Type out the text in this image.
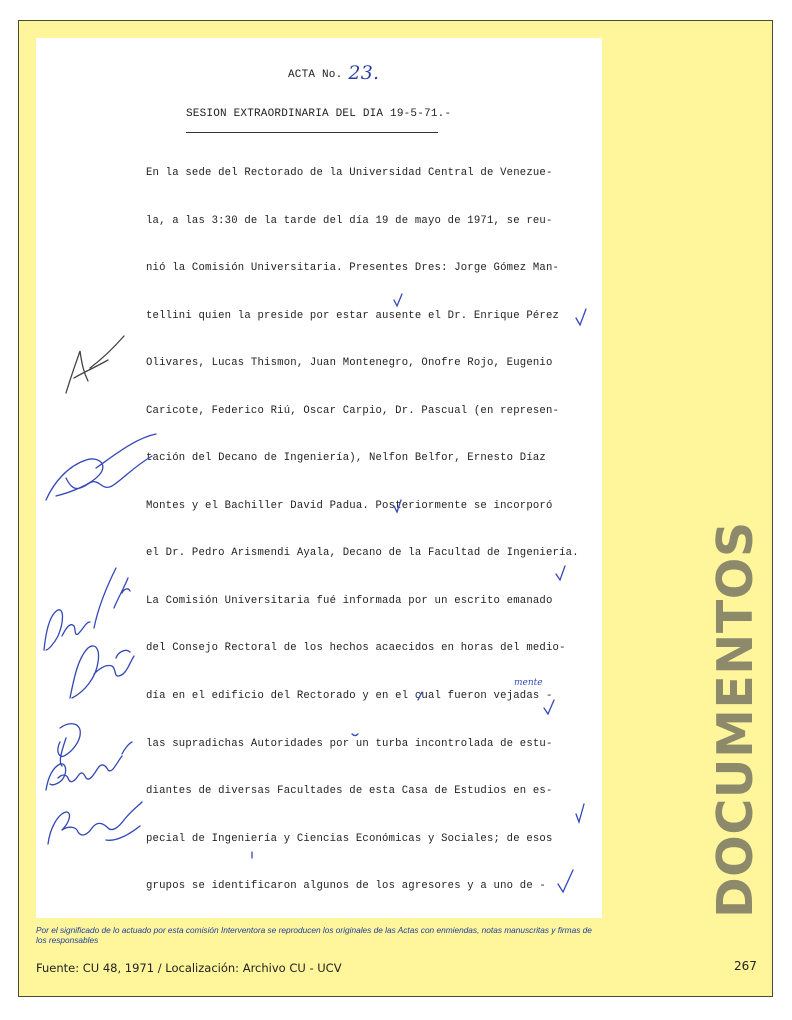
ACTA No. 23.
SESION EXTRAORDINARIA DEL DIA 19-5-71.-

En la sede del Rectorado de la Universidad Central de Venezue-

la, a las 3:30 de la tarde del día 19 de mayo de 1971, se reu-

nió la Comisión Universitaria. Presentes Dres: Jorge Gómez Man-

tellini quien la preside por estar ausente el Dr. Enrique Pérez

Olivares, Lucas Thismon, Juan Montenegro, Onofre Rojo, Eugenio

Caricote, Federico Riú, Oscar Carpio, Dr. Pascual (en represen-

tación del Decano de Ingeniería), Nelfon Belfor, Ernesto Díaz

Montes y el Bachiller David Padua. Posteriormente se incorporó

el Dr. Pedro Arismendi Ayala, Decano de la Facultad de Ingeniería.

La Comisión Universitaria fué informada por un escrito emanado

del Consejo Rectoral de los hechos acaecidos en horas del medio-

día en el edificio del Rectorado y en el cual fueron vejadas -

las supradichas Autoridades por un turba incontrolada de estu-

diantes de diversas Facultades de esta Casa de Estudios en es-

pecial de Ingeniería y Ciencias Económicas y Sociales; de esos

grupos se identificaron algunos de los agresores y a uno de -

mente
Por el significado de lo actuado por esta comisión Interventora se reproducen los originales de las Actas con enmiendas, notas manuscritas y firmas de los responsables
Fuente: CU 48, 1971 / Localización: Archivo CU - UCV	267
DOCUMENTOS
